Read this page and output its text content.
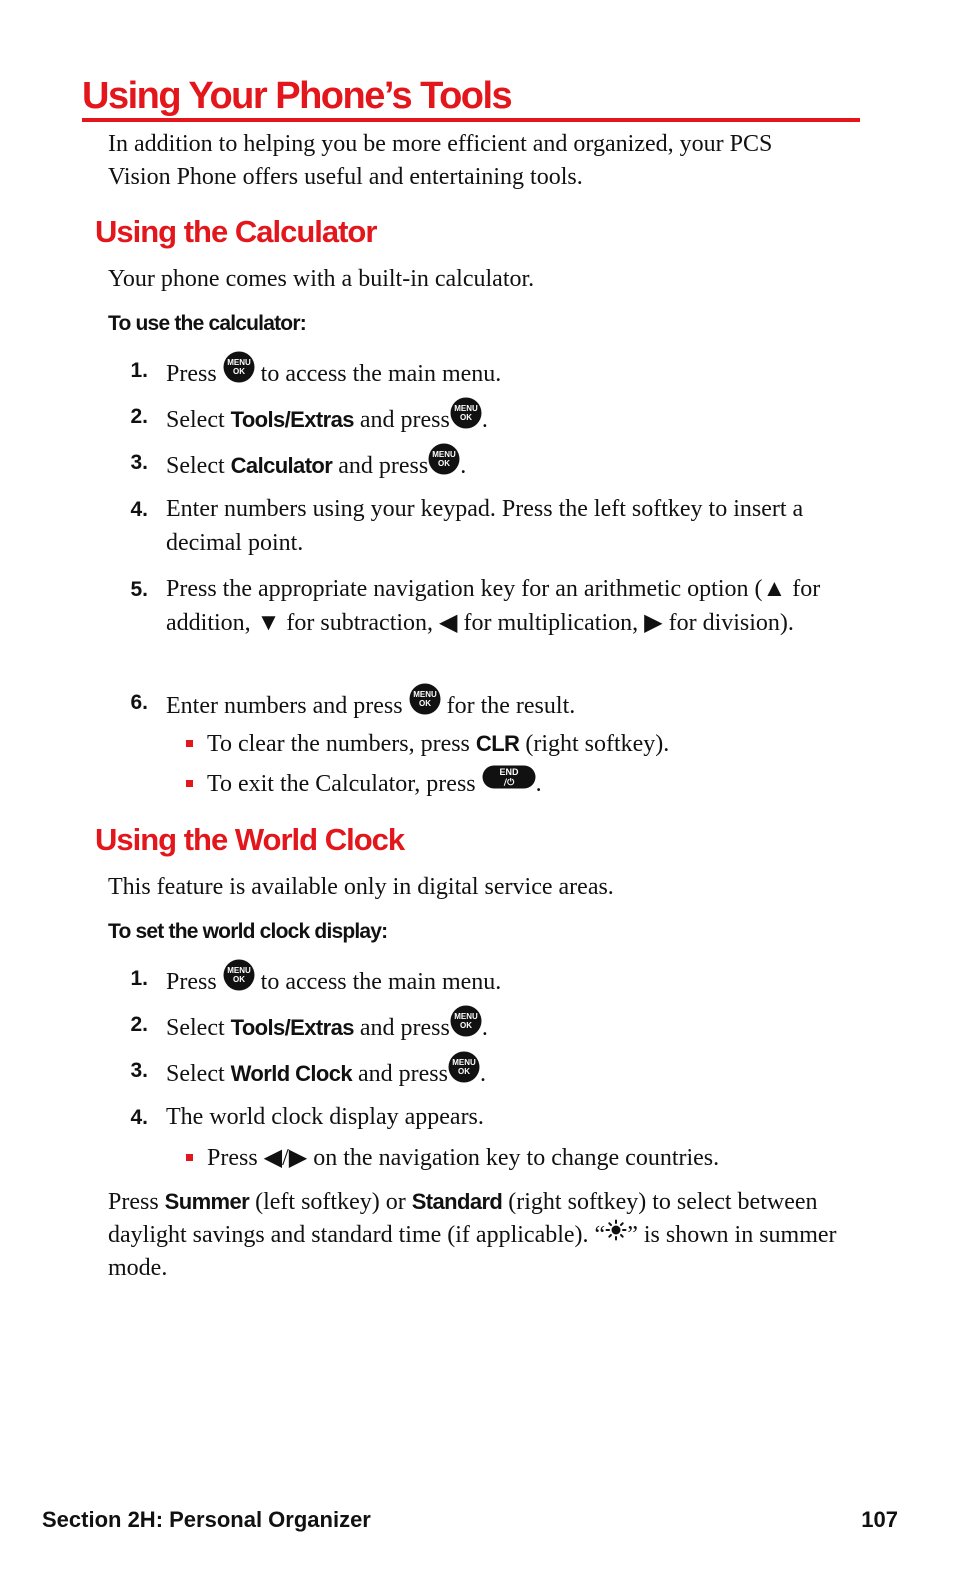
Using Your Phone’s Tools

In addition to helping you be more efficient and organized, your PCS Vision Phone offers useful and entertaining tools.

Using the Calculator

Your phone comes with a built-in calculator.

To use the calculator:

1. Press MENU
OK to access the main menu.
2. Select Tools/Extras and press MENU
OK .
3. Select Calculator and press MENU
OK .
4. Enter numbers using your keypad. Press the left softkey to insert a decimal point.
5. Press the appropriate navigation key for an arithmetic option (▲ for addition, ▼ for subtraction, ◀ for multiplication, ▶ for division).
6. Enter numbers and press MENU
OK for the result.
To clear the numbers, press CLR (right softkey).
To exit the Calculator, press	END
/⏻ .
Using the World Clock

This feature is available only in digital service areas.

To set the world clock display:

1. Press MENU
OK to access the main menu.
2. Select Tools/Extras and press MENU
OK .
3. Select World Clock and press MENU
OK .
4. The world clock display appears.
Press ◀/▶ on the navigation key to change countries.

Press Summer (left softkey) or Standard (right softkey) to select between daylight savings and standard time (if applicable). “ ” is shown in summer mode.

Section 2H: Personal Organizer	107
